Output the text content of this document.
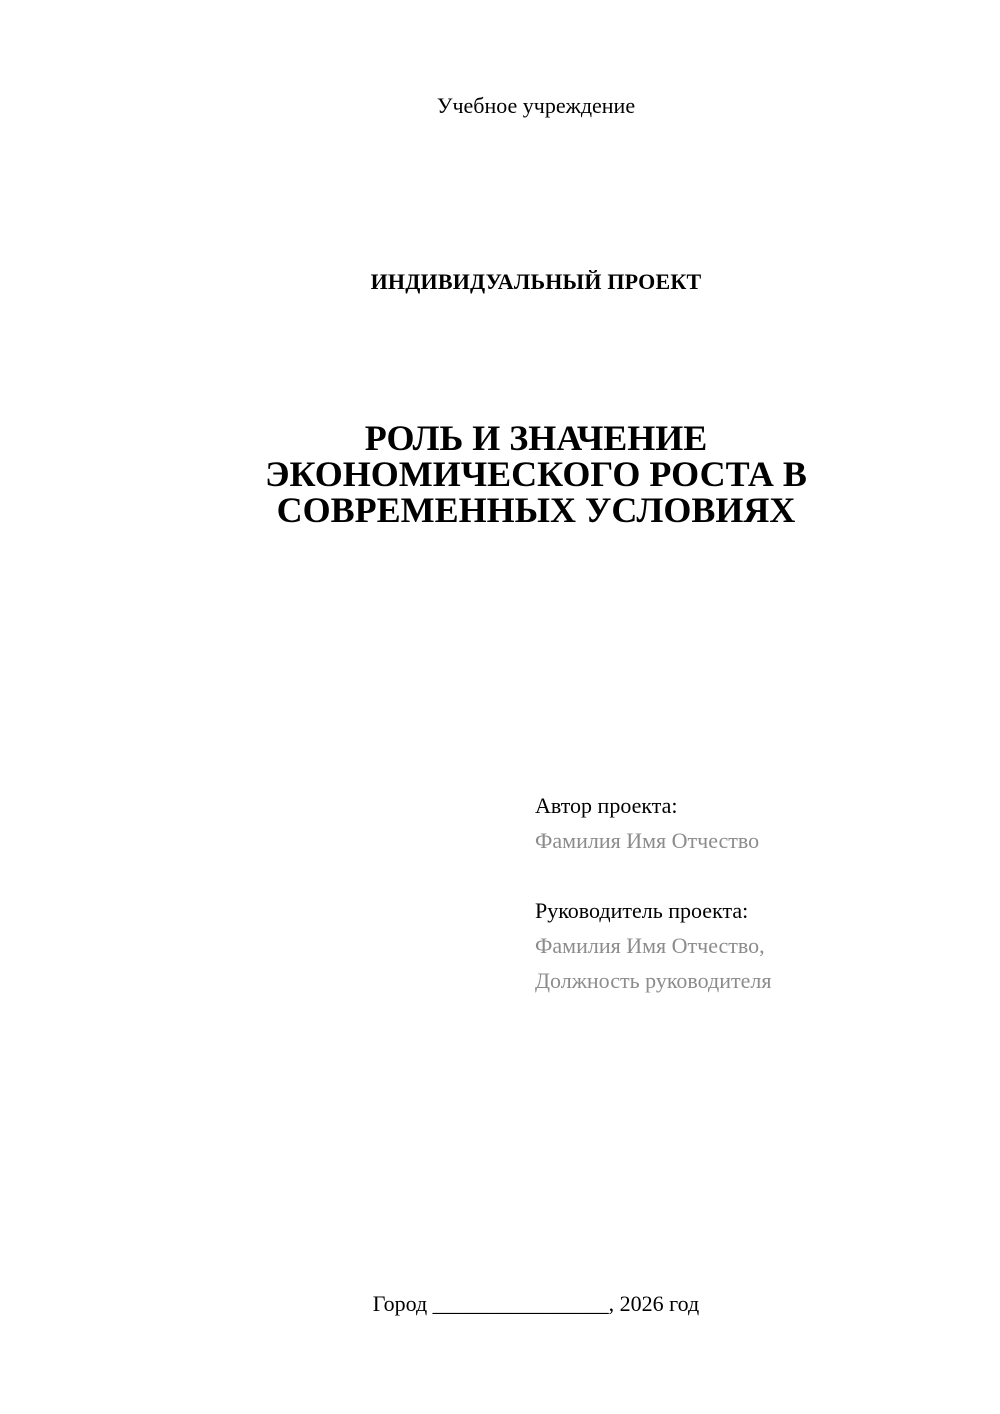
Учебное учреждение
ИНДИВИДУАЛЬНЫЙ ПРОЕКТ
РОЛЬ И ЗНАЧЕНИЕ
ЭКОНОМИЧЕСКОГО РОСТА В
СОВРЕМЕННЫХ УСЛОВИЯХ
Автор проекта:
Фамилия Имя Отчество
Руководитель проекта:
Фамилия Имя Отчество,
Должность руководителя
Город ________________, 2026 год
